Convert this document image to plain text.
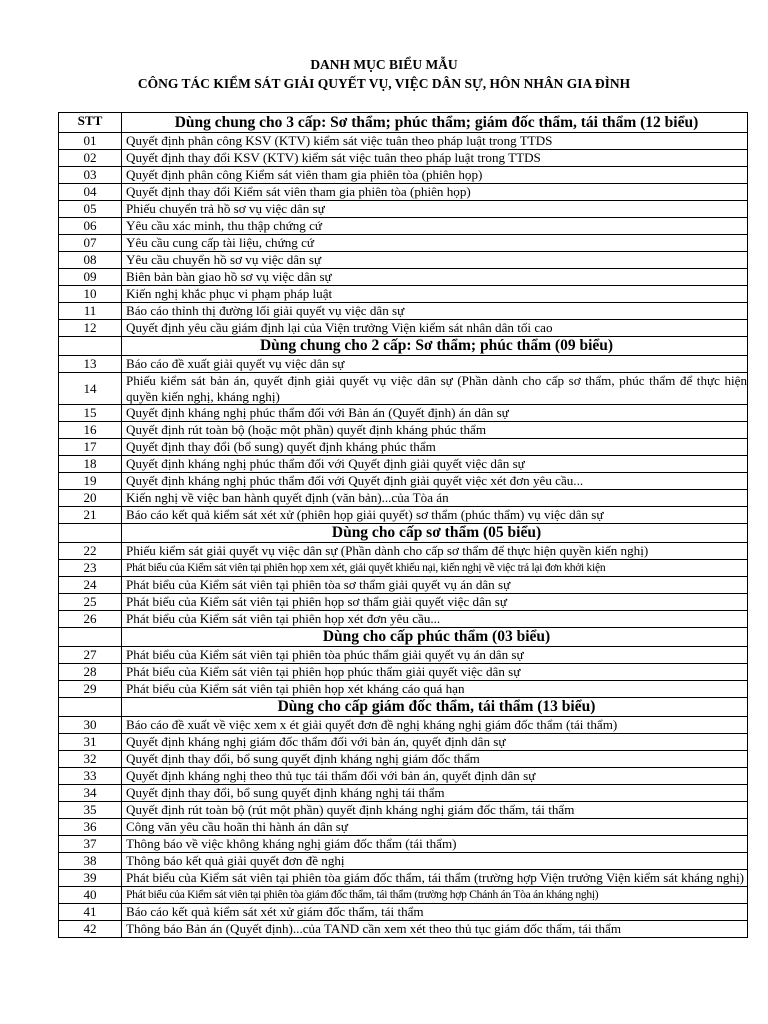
DANH MỤC BIỂU MẪU
CÔNG TÁC KIỂM SÁT GIẢI QUYẾT VỤ, VIỆC DÂN SỰ, HÔN NHÂN GIA ĐÌNH
STT	Dùng chung cho 3 cấp: Sơ thẩm; phúc thẩm; giám đốc thẩm, tái thẩm (12 biểu)
01	Quyết định phân công KSV (KTV) kiểm sát việc tuân theo pháp luật trong TTDS
02	Quyết định thay đổi KSV (KTV) kiểm sát việc tuân theo pháp luật trong TTDS
03	Quyết định phân công Kiểm sát viên tham gia phiên tòa (phiên họp)
04	Quyết định thay đổi Kiểm sát viên tham gia phiên tòa (phiên họp)
05	Phiếu chuyển trả hồ sơ vụ việc dân sự
06	Yêu cầu xác minh, thu thập chứng cứ
07	Yêu cầu cung cấp tài liệu, chứng cứ
08	Yêu cầu chuyển hồ sơ vụ việc dân sự
09	Biên bản bàn giao hồ sơ vụ việc dân sự
10	Kiến nghị khắc phục vi phạm pháp luật
11	Báo cáo thỉnh thị đường lối giải quyết vụ việc dân sự
12	Quyết định yêu cầu giám định lại của Viện trưởng Viện kiểm sát nhân dân tối cao
	Dùng chung cho 2 cấp: Sơ thẩm; phúc thẩm (09 biểu)
13	Báo cáo đề xuất giải quyết vụ việc dân sự
14	Phiếu kiểm sát bản án, quyết định giải quyết vụ việc dân sự (Phần dành cho cấp sơ thẩm, phúc thẩm để thực hiện quyền kiến nghị, kháng nghị)
15	Quyết định kháng nghị phúc thẩm đối với Bản án (Quyết định) án dân sự
16	Quyết định rút toàn bộ (hoặc một phần) quyết định kháng phúc thẩm
17	Quyết định thay đổi (bổ sung) quyết định kháng phúc thẩm
18	Quyết định kháng nghị phúc thẩm đối với Quyết định giải quyết việc dân sự
19	Quyết định kháng nghị phúc thẩm đối với Quyết định giải quyết việc xét đơn yêu cầu...
20	Kiến nghị về việc ban hành quyết định (văn bản)...của Tòa án
21	Báo cáo kết quả kiểm sát xét xử (phiên họp giải quyết) sơ thẩm (phúc thẩm) vụ việc dân sự
	Dùng cho cấp sơ thẩm (05 biểu)
22	Phiếu kiểm sát giải quyết vụ việc dân sự (Phần dành cho cấp sơ thẩm để thực hiện quyền kiến nghị)
23	Phát biểu của Kiểm sát viên tại phiên họp xem xét, giải quyết khiếu nại, kiến nghị về việc trả lại đơn khởi kiện
24	Phát biểu của Kiểm sát viên tại phiên tòa sơ thẩm giải quyết vụ án dân sự
25	Phát biểu của Kiểm sát viên tại phiên họp sơ thẩm giải quyết việc dân sự
26	Phát biểu của Kiểm sát viên tại phiên họp xét đơn yêu cầu...
	Dùng cho cấp phúc thẩm (03 biểu)
27	Phát biểu của Kiểm sát viên tại phiên tòa phúc thẩm giải quyết vụ án dân sự
28	Phát biểu của Kiểm sát viên tại phiên họp phúc thẩm giải quyết việc dân sự
29	Phát biểu của Kiểm sát viên tại phiên họp xét kháng cáo quá hạn
	Dùng cho cấp giám đốc thẩm, tái thẩm (13 biểu)
30	Báo cáo đề xuất về việc xem x ét giải quyết đơn đề nghị kháng nghị giám đốc thẩm (tái thẩm)
31	Quyết định kháng nghị giám đốc thẩm đối với bản án, quyết định dân sự
32	Quyết định thay đổi, bổ sung quyết định kháng nghị giám đốc thẩm
33	Quyết định kháng nghị theo thủ tục tái thẩm đối với bản án, quyết định dân sự
34	Quyết định thay đổi, bổ sung quyết định kháng nghị tái thẩm
35	Quyết định rút toàn bộ (rút một phần) quyết định kháng nghị giám đốc thẩm, tái thẩm
36	Công văn yêu cầu hoãn thi hành án dân sự
37	Thông báo về việc không kháng nghị giám đốc thẩm (tái thẩm)
38	Thông báo kết quả giải quyết đơn đề nghị
39	Phát biểu của Kiểm sát viên tại phiên tòa giám đốc thẩm, tái thẩm (trường hợp Viện trưởng Viện kiểm sát kháng nghị)
40	Phát biểu của Kiểm sát viên tại phiên tòa giám đốc thẩm, tái thẩm (trường hợp Chánh án Tòa án kháng nghị)
41	Báo cáo kết quả kiểm sát xét xử giám đốc thẩm, tái thẩm
42	Thông báo Bản án (Quyết định)...của TAND cần xem xét theo thủ tục giám đốc thẩm, tái thẩm
